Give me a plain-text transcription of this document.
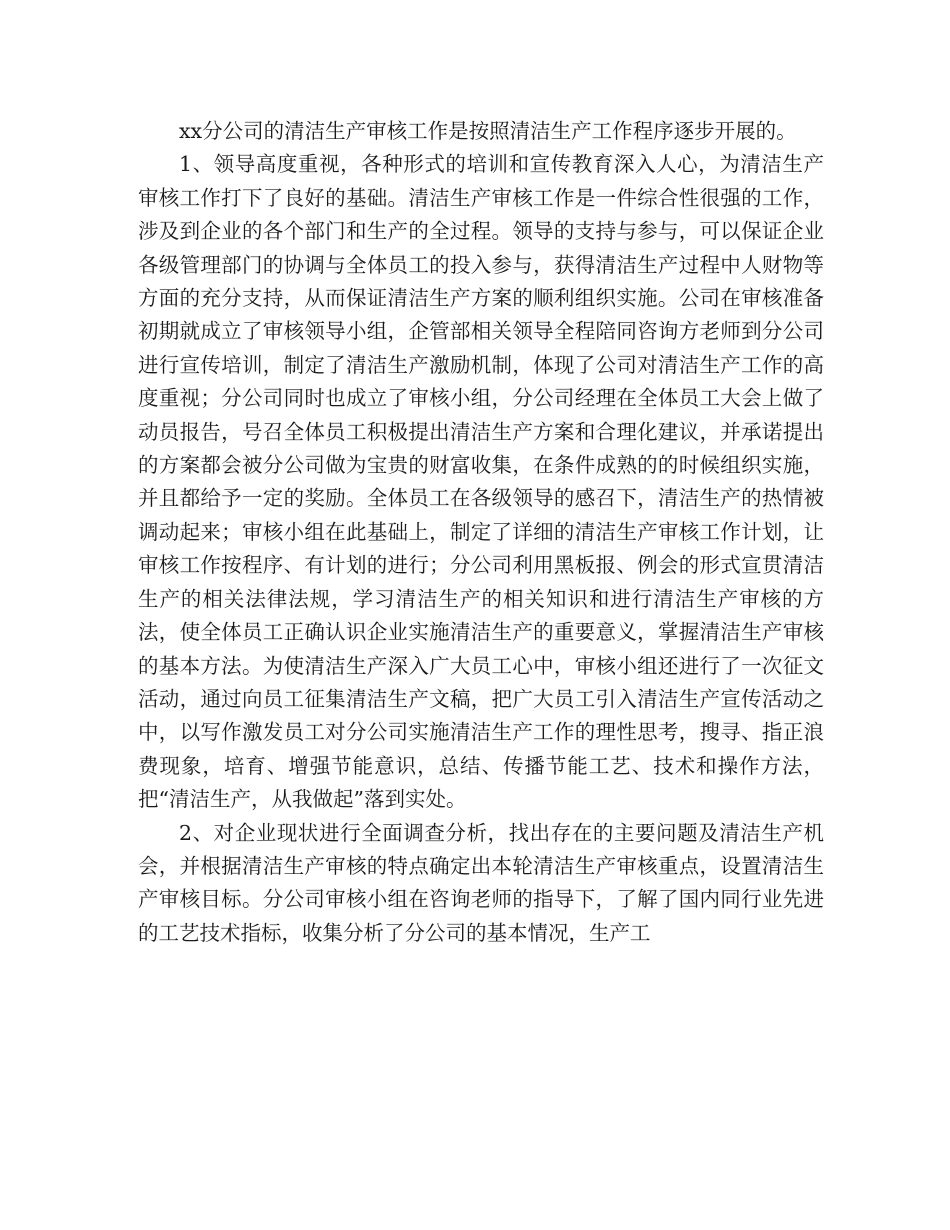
xx分公司的清洁生产审核工作是按照清洁生产工作程序逐步开展的。

1、领导高度重视，各种形式的培训和宣传教育深入人心，为清洁生产审核工作打下了良好的基础。清洁生产审核工作是一件综合性很强的工作，涉及到企业的各个部门和生产的全过程。领导的支持与参与，可以保证企业各级管理部门的协调与全体员工的投入参与，获得清洁生产过程中人财物等方面的充分支持，从而保证清洁生产方案的顺利组织实施。公司在审核准备初期就成立了审核领导小组，企管部相关领导全程陪同咨询方老师到分公司进行宣传培训，制定了清洁生产激励机制，体现了公司对清洁生产工作的高度重视；分公司同时也成立了审核小组，分公司经理在全体员工大会上做了动员报告，号召全体员工积极提出清洁生产方案和合理化建议，并承诺提出的方案都会被分公司做为宝贵的财富收集，在条件成熟的的时候组织实施，并且都给予一定的奖励。全体员工在各级领导的感召下，清洁生产的热情被调动起来；审核小组在此基础上，制定了详细的清洁生产审核工作计划，让审核工作按程序、有计划的进行；分公司利用黑板报、例会的形式宣贯清洁生产的相关法律法规，学习清洁生产的相关知识和进行清洁生产审核的方法，使全体员工正确认识企业实施清洁生产的重要意义，掌握清洁生产审核的基本方法。为使清洁生产深入广大员工心中，审核小组还进行了一次征文活动，通过向员工征集清洁生产文稿，把广大员工引入清洁生产宣传活动之中，以写作激发员工对分公司实施清洁生产工作的理性思考，搜寻、指正浪费现象，培育、增强节能意识，总结、传播节能工艺、技术和操作方法，把“清洁生产，从我做起”落到实处。

2、对企业现状进行全面调查分析，找出存在的主要问题及清洁生产机会，并根据清洁生产审核的特点确定出本轮清洁生产审核重点，设置清洁生产审核目标。分公司审核小组在咨询老师的指导下，了解了国内同行业先进的工艺技术指标，收集分析了分公司的基本情况，生产工
